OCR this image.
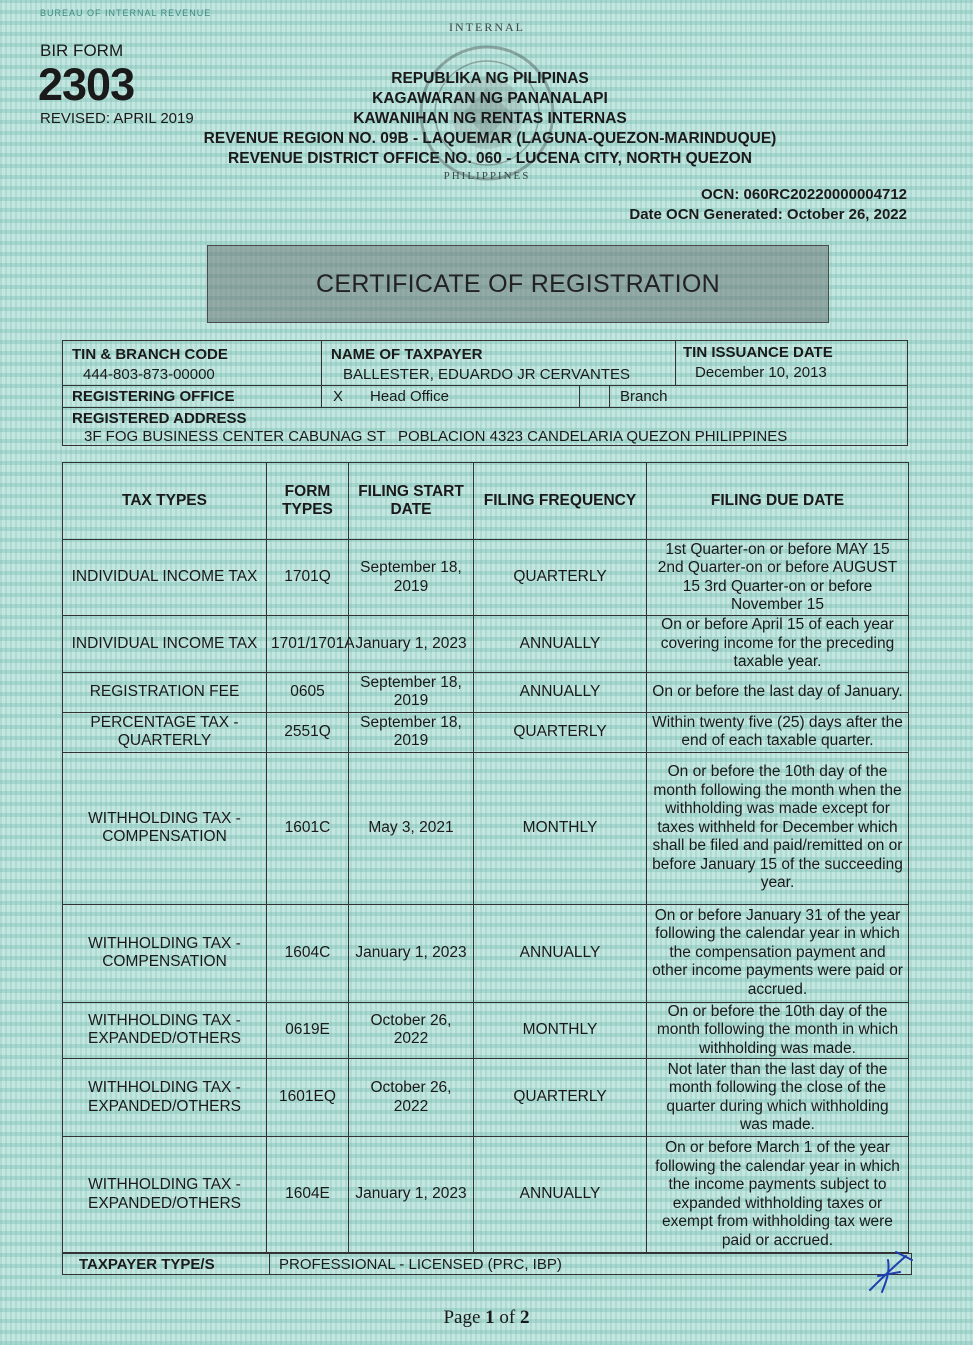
BUREAU OF INTERNAL REVENUE
INTERNAL
PHILIPPINES
BIR FORM
2303
REVISED: APRIL 2019
REPUBLIKA NG PILIPINAS
KAGAWARAN NG PANANALAPI
KAWANIHAN NG RENTAS INTERNAS
REVENUE REGION NO. 09B - LAQUEMAR (LAGUNA-QUEZON-MARINDUQUE)
REVENUE DISTRICT OFFICE NO. 060 - LUCENA CITY, NORTH QUEZON
OCN: 060RC20220000004712
Date OCN Generated: October 26, 2022
CERTIFICATE OF REGISTRATION
TIN & BRANCH CODE
444-803-873-00000
NAME OF TAXPAYER
BALLESTER, EDUARDO JR CERVANTES
TIN ISSUANCE DATE
December 10, 2013
REGISTERING OFFICE	X Head Office	Branch
REGISTERED ADDRESS
3F FOG BUSINESS CENTER CABUNAG ST   POBLACION 4323 CANDELARIA QUEZON PHILIPPINES
TAX TYPES	FORM TYPES	FILING START DATE	FILING FREQUENCY	FILING DUE DATE
INDIVIDUAL INCOME TAX	1701Q	September 18, 2019	QUARTERLY	1st Quarter-on or before MAY 15 2nd Quarter-on or before AUGUST 15 3rd Quarter-on or before November 15
INDIVIDUAL INCOME TAX	1701/1701A	January 1, 2023	ANNUALLY	On or before April 15 of each year covering income for the preceding taxable year.
REGISTRATION FEE	0605	September 18, 2019	ANNUALLY	On or before the last day of January.
PERCENTAGE TAX - QUARTERLY	2551Q	September 18, 2019	QUARTERLY	Within twenty five (25) days after the end of each taxable quarter.
WITHHOLDING TAX - COMPENSATION	1601C	May 3, 2021	MONTHLY	On or before the 10th day of the month following the month when the withholding was made except for taxes withheld for December which shall be filed and paid/remitted on or before January 15 of the succeeding year.
WITHHOLDING TAX - COMPENSATION	1604C	January 1, 2023	ANNUALLY	On or before January 31 of the year following the calendar year in which the compensation payment and other income payments were paid or accrued.
WITHHOLDING TAX - EXPANDED/OTHERS	0619E	October 26, 2022	MONTHLY	On or before the 10th day of the month following the month in which withholding was made.
WITHHOLDING TAX - EXPANDED/OTHERS	1601EQ	October 26, 2022	QUARTERLY	Not later than the last day of the month following the close of the quarter during which withholding was made.
WITHHOLDING TAX - EXPANDED/OTHERS	1604E	January 1, 2023	ANNUALLY	On or before March 1 of the year following the calendar year in which the income payments subject to expanded withholding taxes or exempt from withholding tax were paid or accrued.
TAXPAYER TYPE/S	PROFESSIONAL - LICENSED (PRC, IBP)
Page 1 of 2
